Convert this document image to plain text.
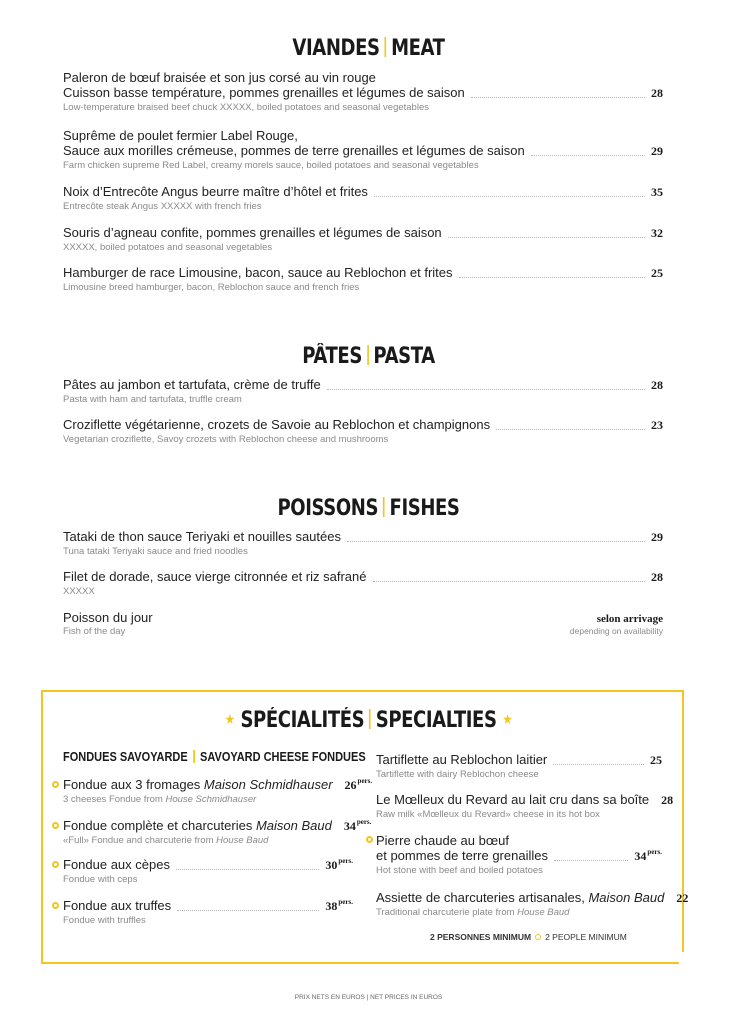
VIANDES MEAT
Paleron de bœuf braisée et son jus corsé au vin rouge
Cuisson basse température, pommes grenailles et légumes de saison	28
Low-temperature braised beef chuck XXXXX, boiled potatoes and seasonal vegetables
Suprême de poulet fermier Label Rouge,
Sauce aux morilles crémeuse, pommes de terre grenailles et légumes de saison	29
Farm chicken supreme Red Label, creamy morels sauce, boiled potatoes and seasonal vegetables
Noix d’Entrecôte Angus beurre maître d’hôtel et frites	35
Entrecôte steak Angus XXXXX with french fries
Souris d’agneau confite, pommes grenailles et légumes de saison	32
XXXXX, boiled potatoes and seasonal vegetables
Hamburger de race Limousine, bacon, sauce au Reblochon et frites	25
Limousine breed hamburger, bacon, Reblochon sauce and french fries
PÂTES PASTA
Pâtes au jambon et tartufata, crème de truffe	28
Pasta with ham and tartufata, truffle cream
Croziflette végétarienne, crozets de Savoie au Reblochon et champignons	23
Vegetarian croziflette, Savoy crozets with Reblochon cheese and mushrooms
POISSONS FISHES
Tataki de thon sauce Teriyaki et nouilles sautées	29
Tuna tataki Teriyaki sauce and fried noodles
Filet de dorade, sauce vierge citronnée et riz safrané	28
XXXXX
Poisson du jour	selon arrivage
Fish of the day	depending on availability
★ SPÉCIALITÉS SPECIALTIES ★
FONDUES SAVOYARDE SAVOYARD CHEESE FONDUES
Fondue aux 3 fromages Maison Schmidhauser $26^{pers.}$
3 cheeses Fondue from House Schmidhauser
Fondue complète et charcuteries Maison Baud $34^{pers.}$
«Full» Fondue and charcuterie from House Baud
Fondue aux cèpes	$30^{pers.}$
Fondue with ceps
Fondue aux truffes	$38^{pers.}$
Fondue with truffles
Tartiflette au Reblochon laitier	25
Tartiflette with dairy Reblochon cheese
Le Mœlleux du Revard au lait cru dans sa boîte 28
Raw milk «Mœlleux du Revard» cheese in its hot box
Pierre chaude au bœuf
et pommes de terre grenailles	$34^{pers.}$
Hot stone with beef and boiled potatoes
Assiette de charcuteries artisanales, Maison Baud 22
Traditional charcuterie plate from House Baud
2 PERSONNES MINIMUM 2 PEOPLE MINIMUM
PRIX NETS EN EUROS | NET PRICES IN EUROS
